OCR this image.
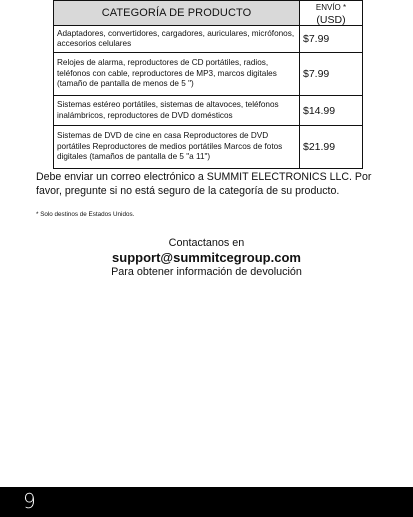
CATEGORÍA DE PRODUCTO	ENVÍO *
(USD)

Adaptadores, convertidores, cargadores, auriculares, micrófonos, accesorios celulares	$7.99
Relojes de alarma, reproductores de CD portátiles, radios, teléfonos con cable, reproductores de MP3, marcos digitales (tamaño de pantalla de menos de 5 ")	$7.99
Sistemas estéreo portátiles, sistemas de altavoces, teléfonos inalámbricos, reproductores de DVD domésticos	$14.99
Sistemas de DVD de cine en casa Reproductores de DVD portátiles Reproductores de medios portátiles Marcos de fotos digitales (tamaños de pantalla de 5 "a 11")	$21.99
Debe enviar un correo electrónico a SUMMIT ELECTRONICS LLC. Por favor, pregunte si no está seguro de la categoría de su producto.
* Solo destinos de Estados Unidos.
Contactanos en
support@summitcegroup.com
Para obtener información de devolución
9
